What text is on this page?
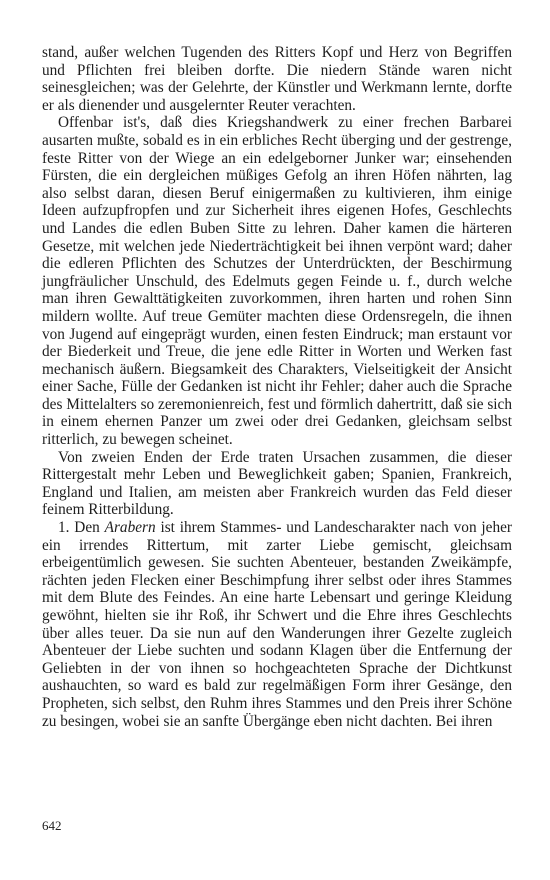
stand, außer welchen Tugenden des Ritters Kopf und Herz von Begriffen und Pflichten frei bleiben dorfte. Die niedern Stände waren nicht seinesgleichen; was der Gelehrte, der Künstler und Werkmann lernte, dorfte er als dienender und ausgelernter Reuter verachten.

Offenbar ist's, daß dies Kriegshandwerk zu einer frechen Barbarei ausarten mußte, sobald es in ein erbliches Recht überging und der gestrenge, feste Ritter von der Wiege an ein edelgeborner Junker war; einsehenden Fürsten, die ein dergleichen müßiges Gefolg an ihren Höfen nährten, lag also selbst daran, diesen Beruf einigermaßen zu kultivieren, ihm einige Ideen aufzupfropfen und zur Sicherheit ihres eigenen Hofes, Geschlechts und Landes die edlen Buben Sitte zu lehren. Daher kamen die härteren Gesetze, mit welchen jede Niederträchtigkeit bei ihnen verpönt ward; daher die edleren Pflichten des Schutzes der Unterdrückten, der Beschirmung jungfräulicher Unschuld, des Edelmuts gegen Feinde u. f., durch welche man ihren Gewalttätigkeiten zuvorkommen, ihren harten und rohen Sinn mildern wollte. Auf treue Gemüter machten diese Ordensregeln, die ihnen von Jugend auf eingeprägt wurden, einen festen Eindruck; man erstaunt vor der Biederkeit und Treue, die jene edle Ritter in Worten und Werken fast mechanisch äußern. Biegsamkeit des Charakters, Vielseitigkeit der Ansicht einer Sache, Fülle der Gedanken ist nicht ihr Fehler; daher auch die Sprache des Mittelalters so zeremonienreich, fest und förmlich dahertritt, daß sie sich in einem ehernen Panzer um zwei oder drei Gedanken, gleichsam selbst ritterlich, zu bewegen scheinet.

Von zweien Enden der Erde traten Ursachen zusammen, die dieser Rittergestalt mehr Leben und Beweglichkeit gaben; Spanien, Frankreich, England und Italien, am meisten aber Frankreich wurden das Feld dieser feinem Ritterbildung.

1. Den Arabern ist ihrem Stammes- und Landescharakter nach von jeher ein irrendes Rittertum, mit zarter Liebe gemischt, gleichsam erbeigentümlich gewesen. Sie suchten Abenteuer, bestanden Zweikämpfe, rächten jeden Flecken einer Beschimpfung ihrer selbst oder ihres Stammes mit dem Blute des Feindes. An eine harte Lebensart und geringe Kleidung gewöhnt, hielten sie ihr Roß, ihr Schwert und die Ehre ihres Geschlechts über alles teuer. Da sie nun auf den Wanderungen ihrer Gezelte zugleich Abenteuer der Liebe suchten und sodann Klagen über die Entfernung der Geliebten in der von ihnen so hochgeachteten Sprache der Dichtkunst aushauchten, so ward es bald zur regelmäßigen Form ihrer Gesänge, den Propheten, sich selbst, den Ruhm ihres Stammes und den Preis ihrer Schöne zu besingen, wobei sie an sanfte Übergänge eben nicht dachten. Bei ihren

642
